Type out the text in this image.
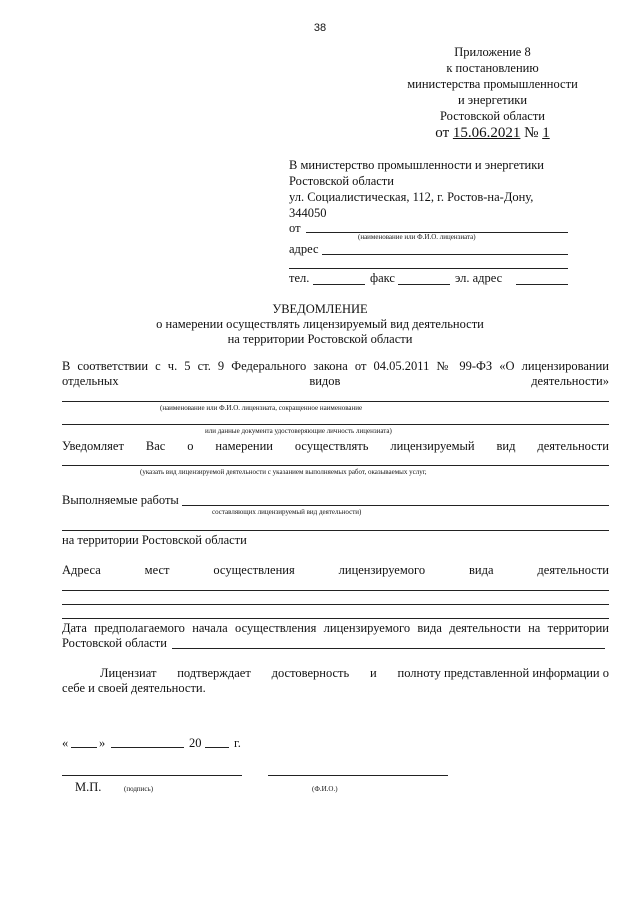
38
Приложение 8
к постановлению
министерства промышленности
и энергетики
Ростовской области
от 15.06.2021 № 1
В министерство промышленности и энергетики
Ростовской области
ул. Социалистическая, 112, г. Ростов-на-Дону,
344050
от
(наименование или Ф.И.О. лицензиата)
адрес
тел.	факс	эл. адрес
УВЕДОМЛЕНИЕ
о намерении осуществлять лицензируемый вид деятельности
на территории Ростовской области
В соответствии с ч. 5 ст. 9 Федерального закона от 04.05.2011 № 99-ФЗ «О лицензировании
отдельных	видов	деятельности»
(наименование или Ф.И.О. лицензиата, сокращенное наименование
или данные документа удостоверяющие личность лицензиата)
Уведомляет Вас о намерении осуществлять лицензируемый вид деятельности
(указать вид лицензируемой деятельности с указанием выполняемых работ, оказываемых услуг,
Выполняемые работы
составляющих лицензируемый вид деятельности)
на территории Ростовской области
Адреса	мест	осуществления	лицензируемого	вида	деятельности
Дата предполагаемого начала осуществления лицензируемого вида деятельности на территории
Ростовской области
Лицензиат подтверждает достоверность и полноту представленной информации о
себе и своей деятельности.
« »	20	г.
М.П.	(подпись)	(Ф.И.О.)
